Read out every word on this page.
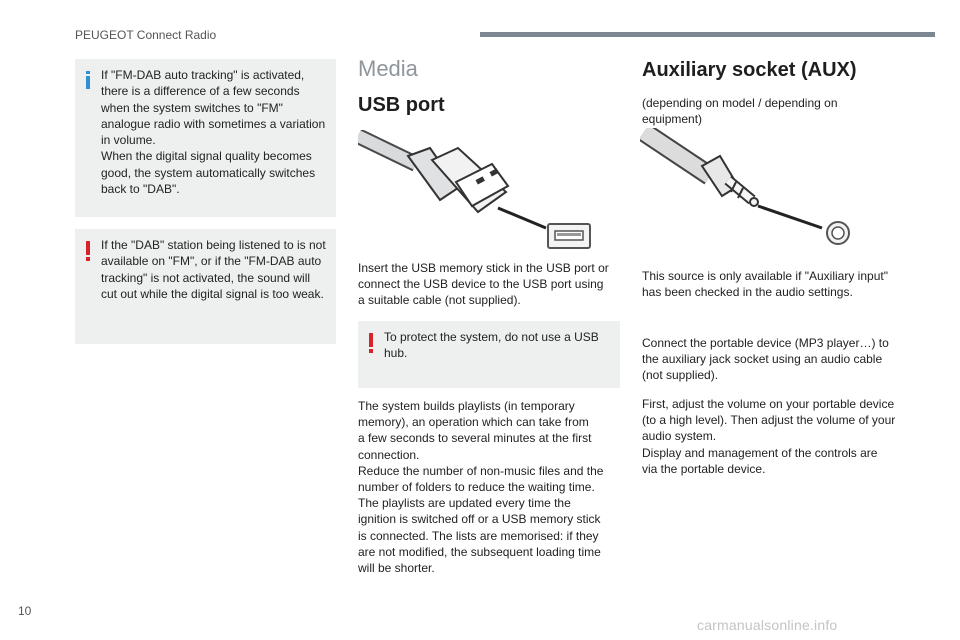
PEUGEOT Connect Radio
If "FM-DAB auto tracking" is activated,
there is a difference of a few seconds
when the system switches to "FM"
analogue radio with sometimes a variation
in volume.
When the digital signal quality becomes
good, the system automatically switches
back to "DAB".
If the "DAB" station being listened to is not
available on "FM", or if the "FM-DAB auto
tracking" is not activated, the sound will
cut out while the digital signal is too weak.
Media
USB port
Insert the USB memory stick in the USB port or
connect the USB device to the USB port using
a suitable cable (not supplied).
To protect the system, do not use a USB
hub.
The system builds playlists (in temporary
memory), an operation which can take from
a few seconds to several minutes at the first
connection.
Reduce the number of non-music files and the
number of folders to reduce the waiting time.
The playlists are updated every time the
ignition is switched off or a USB memory stick
is connected. The lists are memorised: if they
are not modified, the subsequent loading time
will be shorter.
Auxiliary socket (AUX)
(depending on model / depending on
equipment)
This source is only available if "Auxiliary input"
has been checked in the audio settings.
Connect the portable device (MP3 player…) to
the auxiliary jack socket using an audio cable
(not supplied).
First, adjust the volume on your portable device
(to a high level). Then adjust the volume of your
audio system.
Display and management of the controls are
via the portable device.
10
carmanualsonline.info
